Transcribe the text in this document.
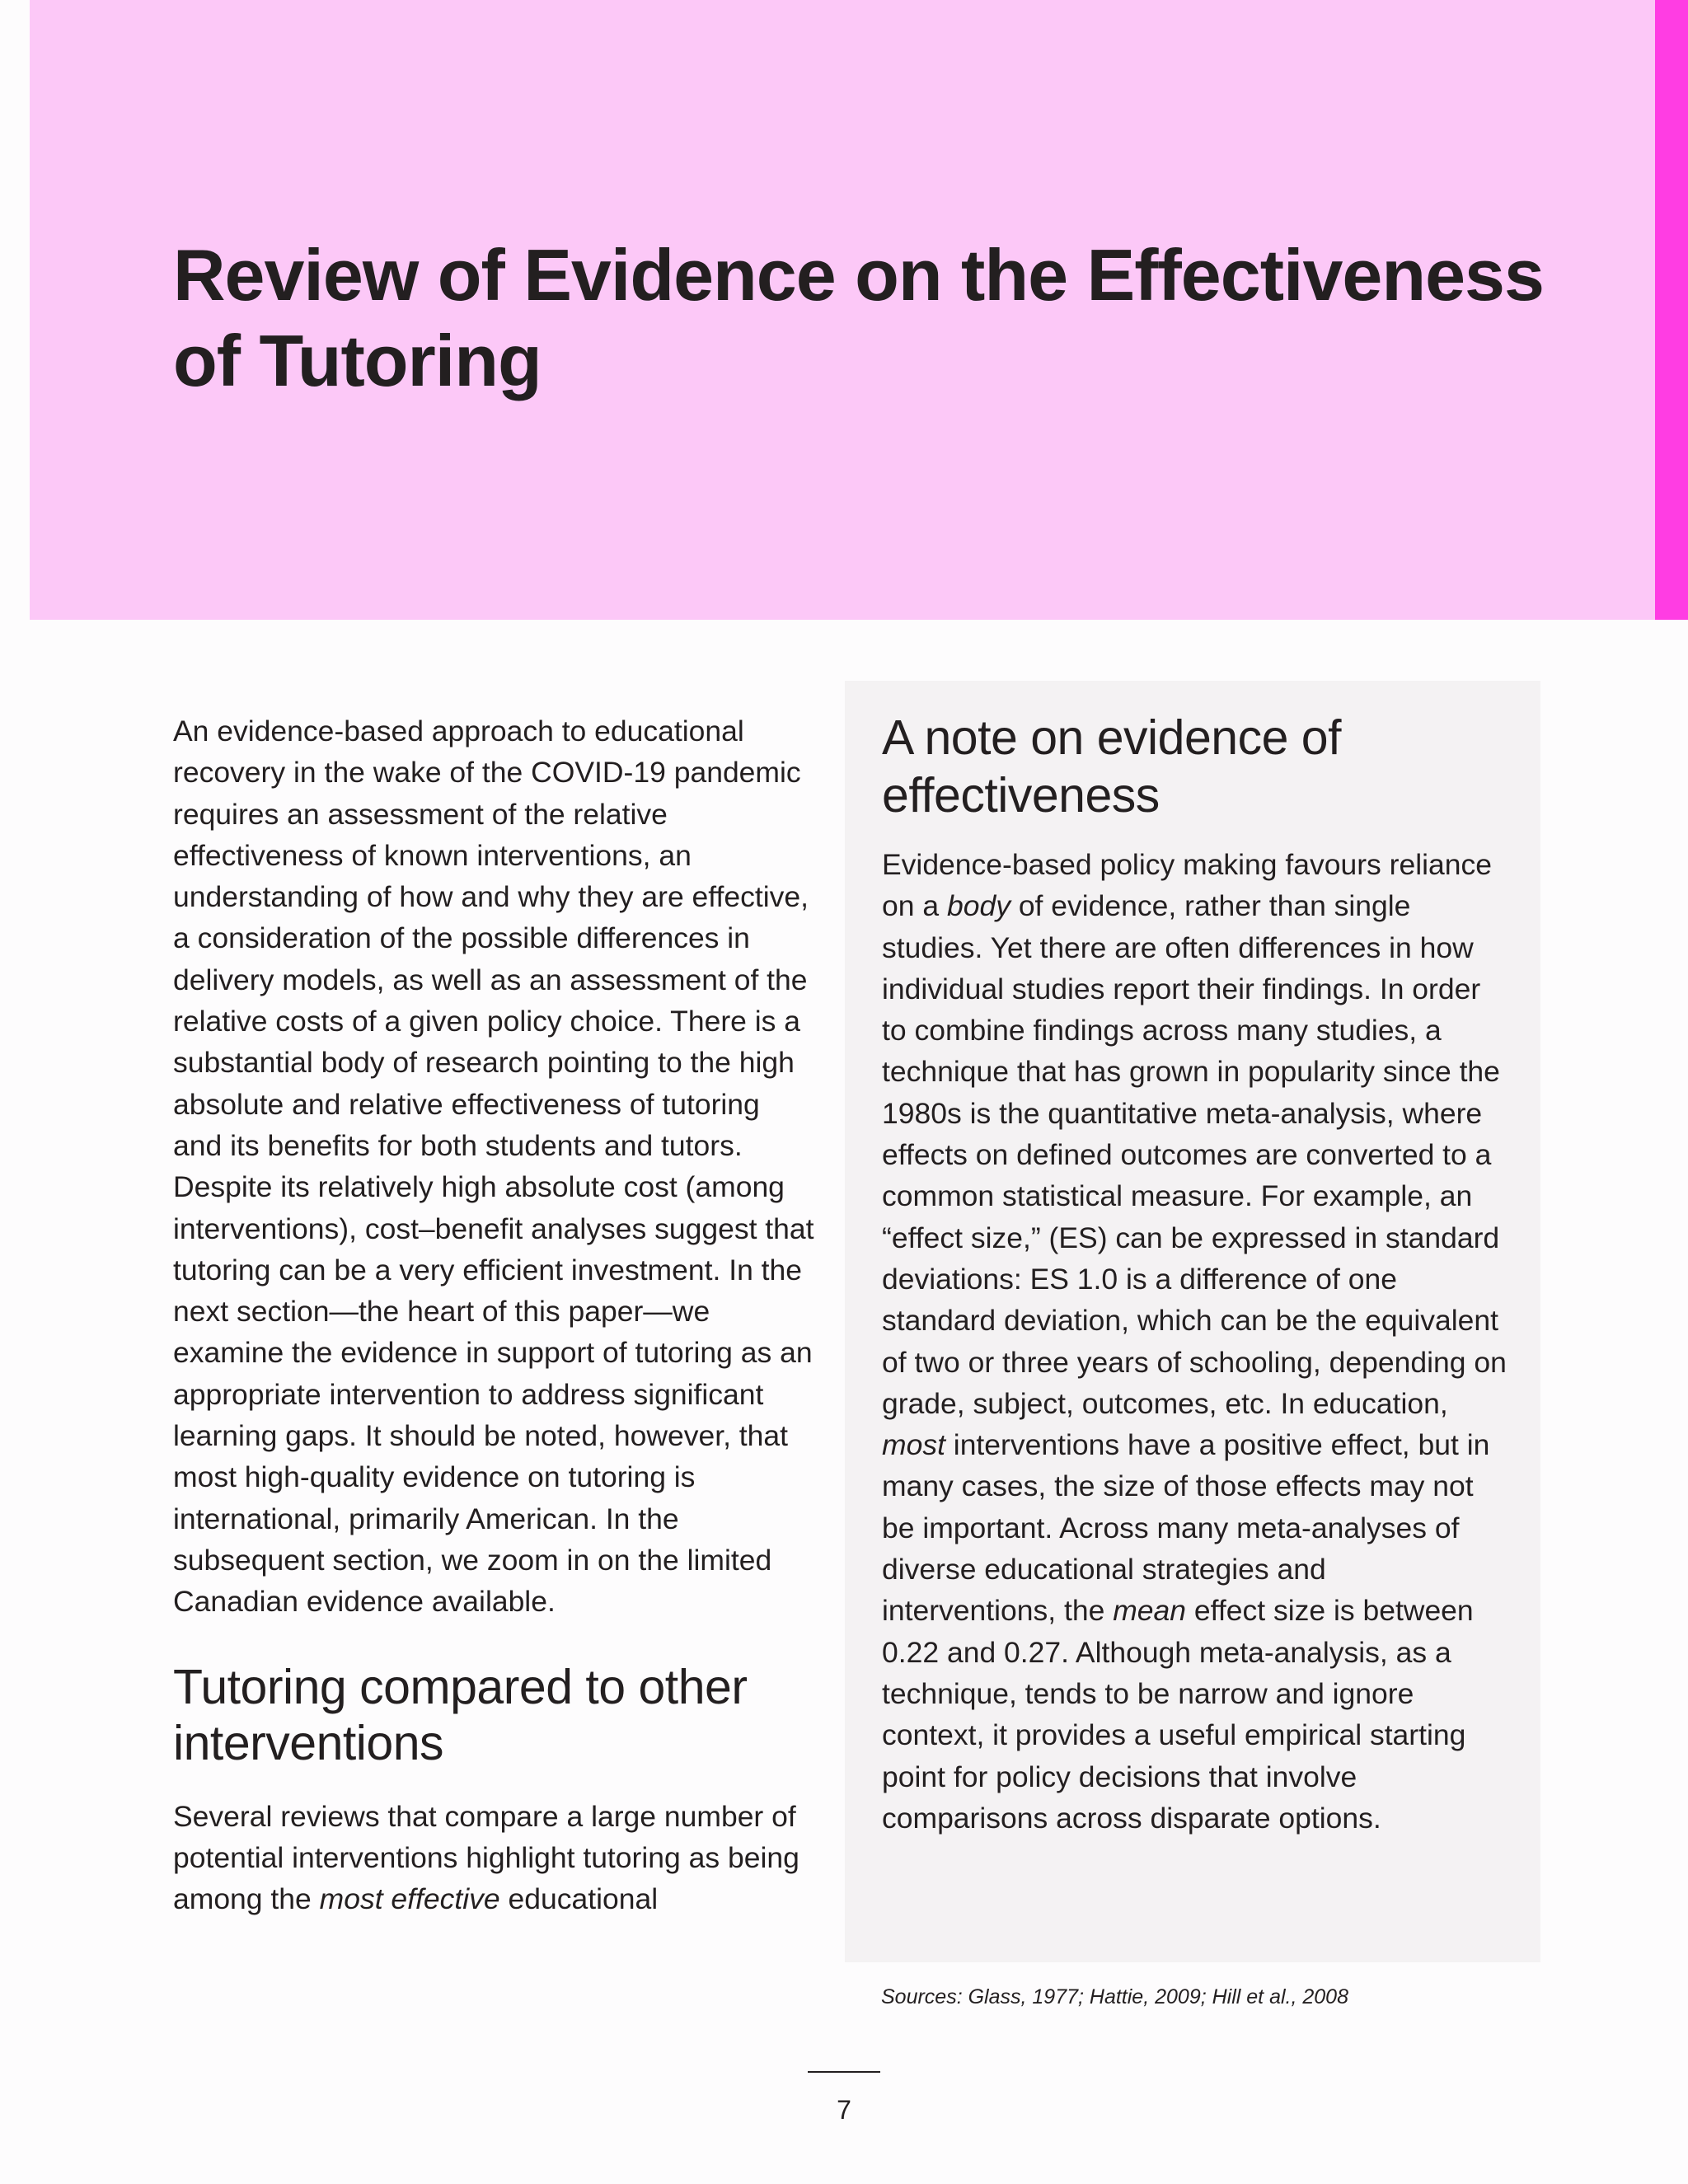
Review of Evidence on the Effectiveness of Tutoring

An evidence-based approach to educational recovery in the wake of the COVID-19 pandemic requires an assessment of the relative effectiveness of known interventions, an understanding of how and why they are effective, a consideration of the possible differences in delivery models, as well as an assessment of the relative costs of a given policy choice. There is a substantial body of research pointing to the high absolute and relative effectiveness of tutoring and its benefits for both students and tutors. Despite its relatively high absolute cost (among interventions), cost–benefit analyses suggest that tutoring can be a very efficient investment. In the next section—the heart of this paper—we examine the evidence in support of tutoring as an appropriate intervention to address significant learning gaps. It should be noted, however, that most high-quality evidence on tutoring is international, primarily American. In the subsequent section, we zoom in on the limited Canadian evidence available.

Tutoring compared to other interventions

Several reviews that compare a large number of potential interventions highlight tutoring as being among the most effective educational

A note on evidence of effectiveness

Evidence-based policy making favours reliance on a body of evidence, rather than single studies. Yet there are often differences in how individual studies report their findings. In order to combine findings across many studies, a technique that has grown in popularity since the 1980s is the quantitative meta-analysis, where effects on defined outcomes are converted to a common statistical measure. For example, an “effect size,” (ES) can be expressed in standard deviations: ES 1.0 is a difference of one standard deviation, which can be the equivalent of two or three years of schooling, depending on grade, subject, outcomes, etc. In education, most interventions have a positive effect, but in many cases, the size of those effects may not be important. Across many meta-analyses of diverse educational strategies and interventions, the mean effect size is between 0.22 and 0.27. Although meta-analysis, as a technique, tends to be narrow and ignore context, it provides a useful empirical starting point for policy decisions that involve comparisons across disparate options.

Sources: Glass, 1977; Hattie, 2009; Hill et al., 2008

7
